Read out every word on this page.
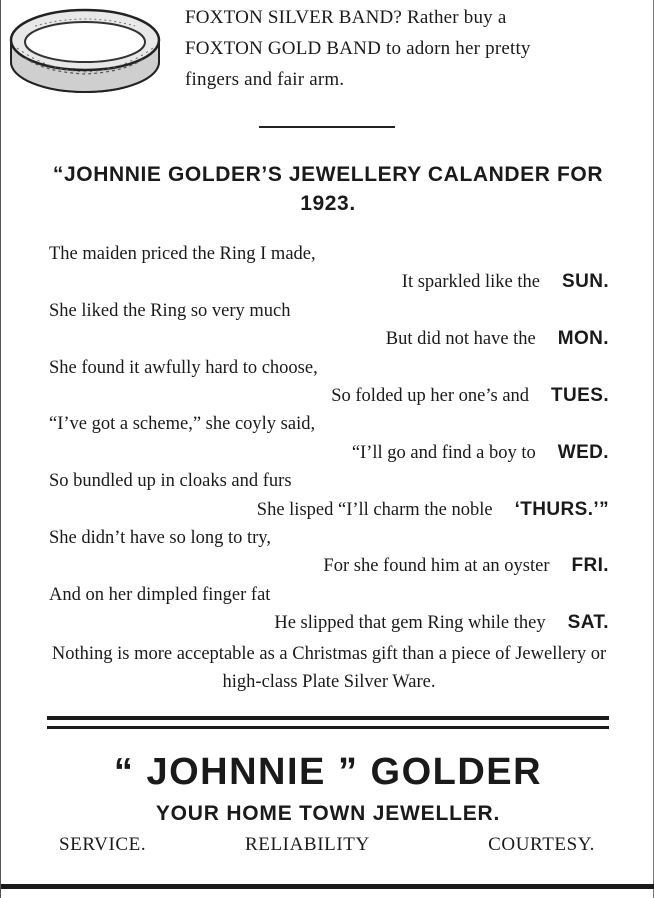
FOXTON SILVER BAND? Rather buy a
FOXTON GOLD BAND to adorn her pretty
fingers and fair arm.
“JOHNNIE GOLDER’S JEWELLERY CALANDER FOR
1923.
The maiden priced the Ring I made,
It sparkled like the SUN.
She liked the Ring so very much
But did not have the MON.
She found it awfully hard to choose,
So folded up her one’s and TUES.
“I’ve got a scheme,” she coyly said,
“I’ll go and find a boy to WED.
So bundled up in cloaks and furs
She lisped “I’ll charm the noble ‘THURS.’”
She didn’t have so long to try,
For she found him at an oyster FRI.
And on her dimpled finger fat
He slipped that gem Ring while they SAT.
Nothing is more acceptable as a Christmas gift than a piece of Jewellery or high-class Plate Silver Ware.
“ JOHNNIE ” GOLDER
YOUR HOME TOWN JEWELLER.
SERVICE.	RELIABILITY	COURTESY.
